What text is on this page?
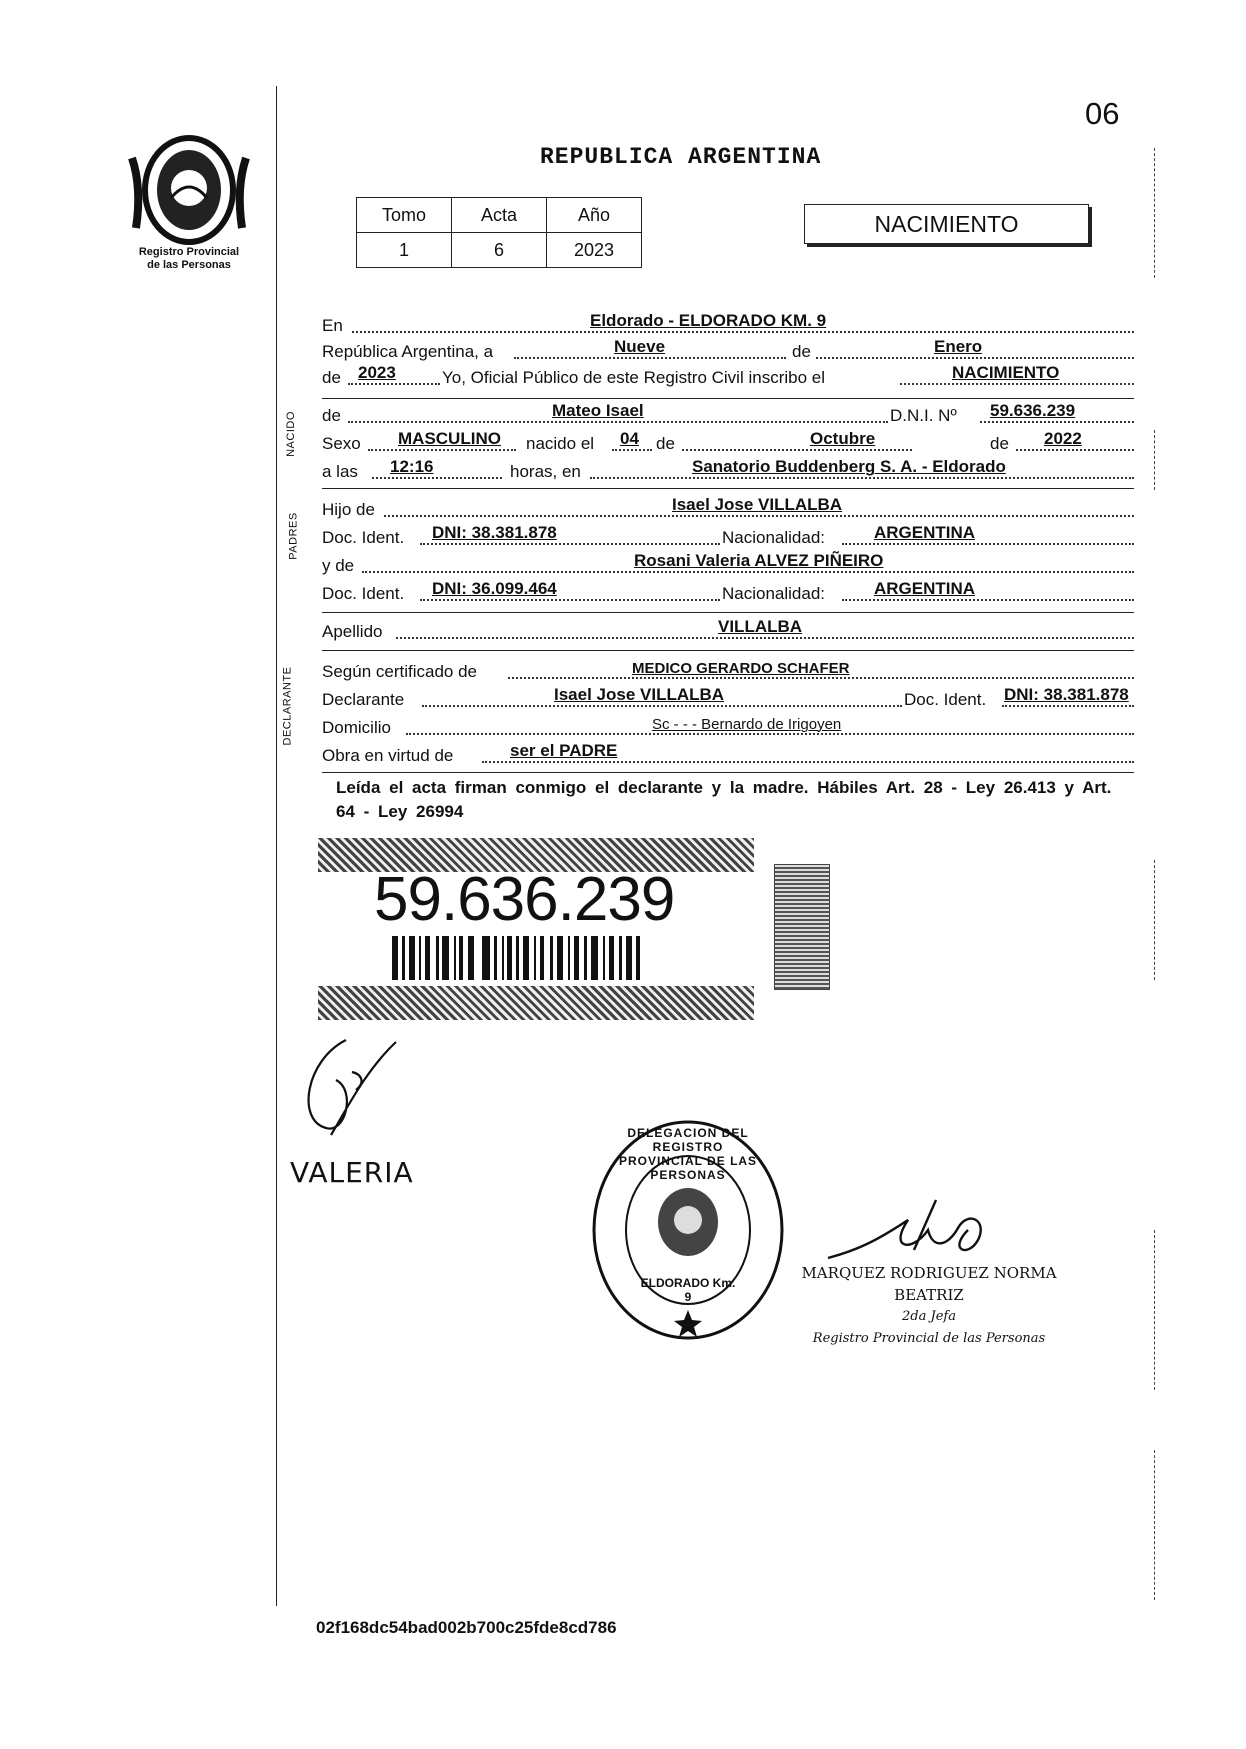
Registro Provincial
de las Personas
06
REPUBLICA ARGENTINA
Tomo	Acta	Año
1	6	2023
NACIMIENTO
En	Eldorado - ELDORADO KM. 9
República Argentina, a	Nueve	de	Enero
de 2023	Yo, Oficial Público de este Registro Civil inscribo el	NACIMIENTO
NACIDO de	Mateo Isael	D.N.I. Nº 59.636.239
Sexo MASCULINO nacido el 04 de	Octubre	de 2022
a las 12:16	horas, en	Sanatorio Buddenberg S. A. - Eldorado
PADRES
Hijo de	Isael Jose VILLALBA
Doc. Ident. DNI: 38.381.878	Nacionalidad:	ARGENTINA
y de	Rosani Valeria ALVEZ PIÑEIRO
Doc. Ident. DNI: 36.099.464	Nacionalidad:	ARGENTINA
Apellido	VILLALBA
DECLARANTE Según certificado de	MEDICO GERARDO SCHAFER
Declarante	Isael Jose VILLALBA	Doc. Ident. DNI: 38.381.878
Domicilio	Sc - - - Bernardo de Irigoyen
Obra en virtud de	ser el PADRE
Leída el acta firman conmigo el declarante y la madre. Hábiles Art. 28 - Ley 26.413 y Art. 64 - Ley 26994
59.636.239
VALERIA
DELEGACION DEL REGISTRO PROVINCIAL DE LAS PERSONAS
ELDORADO Km. 9
MARQUEZ RODRIGUEZ NORMA BEATRIZ
2da Jefa
Registro Provincial de las Personas
02f168dc54bad002b700c25fde8cd786
